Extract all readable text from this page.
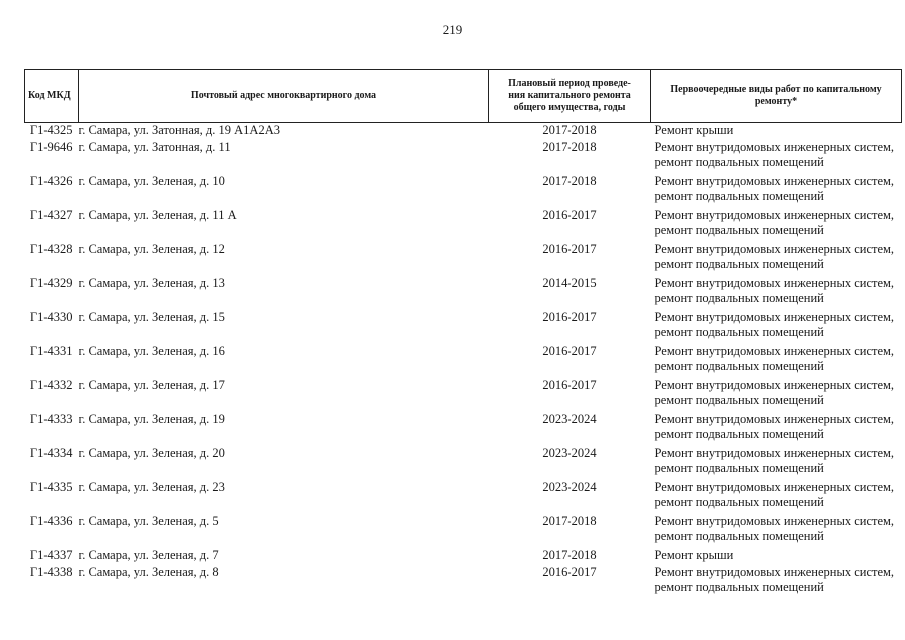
219
Код МКД	Почтовый адрес многоквартирного дома	Плановый период проведе-
ния капитального ремонта
общего имущества, годы	Первоочередные виды работ по капитальному
ремонту*

Г1-4325	г. Самара, ул. Затонная, д. 19 А1А2А3	2017-2018	Ремонт крыши

Г1-9646	г. Самара, ул. Затонная, д. 11	2017-2018	Ремонт внутридомовых инженерных систем,
ремонт подвальных помещений

Г1-4326	г. Самара, ул. Зеленая, д. 10	2017-2018	Ремонт внутридомовых инженерных систем,
ремонт подвальных помещений

Г1-4327	г. Самара, ул. Зеленая, д. 11 А	2016-2017	Ремонт внутридомовых инженерных систем,
ремонт подвальных помещений

Г1-4328	г. Самара, ул. Зеленая, д. 12	2016-2017	Ремонт внутридомовых инженерных систем,
ремонт подвальных помещений

Г1-4329	г. Самара, ул. Зеленая, д. 13	2014-2015	Ремонт внутридомовых инженерных систем,
ремонт подвальных помещений

Г1-4330	г. Самара, ул. Зеленая, д. 15	2016-2017	Ремонт внутридомовых инженерных систем,
ремонт подвальных помещений

Г1-4331	г. Самара, ул. Зеленая, д. 16	2016-2017	Ремонт внутридомовых инженерных систем,
ремонт подвальных помещений

Г1-4332	г. Самара, ул. Зеленая, д. 17	2016-2017	Ремонт внутридомовых инженерных систем,
ремонт подвальных помещений

Г1-4333	г. Самара, ул. Зеленая, д. 19	2023-2024	Ремонт внутридомовых инженерных систем,
ремонт подвальных помещений

Г1-4334	г. Самара, ул. Зеленая, д. 20	2023-2024	Ремонт внутридомовых инженерных систем,
ремонт подвальных помещений

Г1-4335	г. Самара, ул. Зеленая, д. 23	2023-2024	Ремонт внутридомовых инженерных систем,
ремонт подвальных помещений

Г1-4336	г. Самара, ул. Зеленая, д. 5	2017-2018	Ремонт внутридомовых инженерных систем,
ремонт подвальных помещений

Г1-4337	г. Самара, ул. Зеленая, д. 7	2017-2018	Ремонт крыши

Г1-4338	г. Самара, ул. Зеленая, д. 8	2016-2017	Ремонт внутридомовых инженерных систем,
ремонт подвальных помещений
